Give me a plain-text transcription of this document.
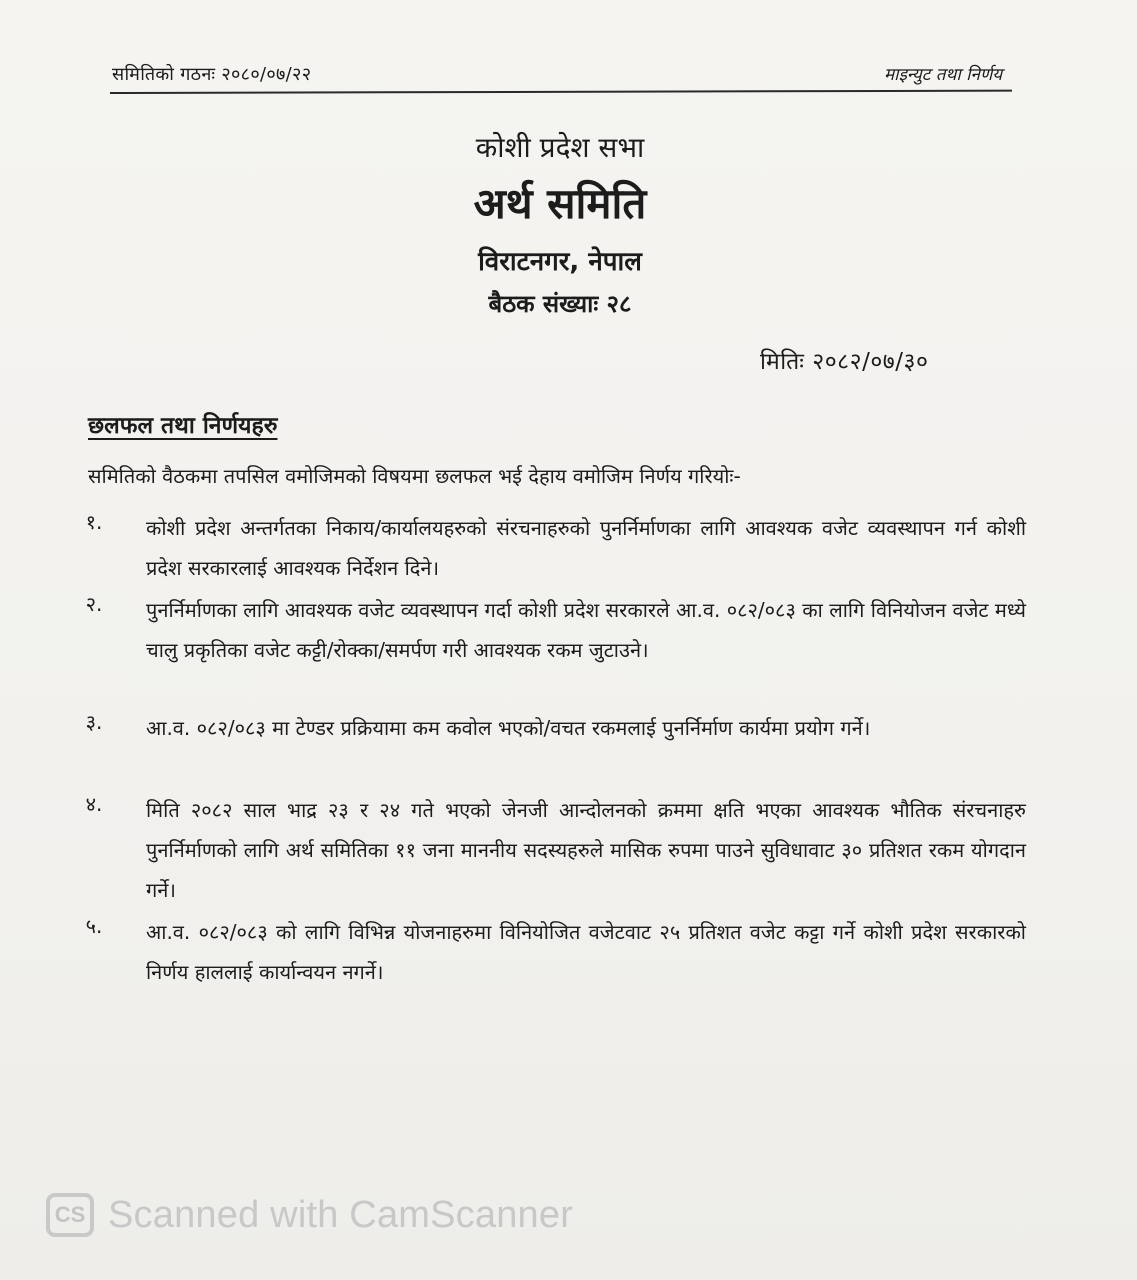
समितिको गठनः २०८०/०७/२२	माइन्युट तथा निर्णय
कोशी प्रदेश सभा
अर्थ समिति
विराटनगर, नेपाल
बैठक संख्याः २८
मितिः २०८२/०७/३०
छलफल तथा निर्णयहरु
समितिको वैठकमा तपसिल वमोजिमको विषयमा छलफल भई देहाय वमोजिम निर्णय गरियोः-
१.	कोशी प्रदेश अन्तर्गतका निकाय/कार्यालयहरुको संरचनाहरुको पुनर्निर्माणका लागि आवश्यक वजेट व्यवस्थापन गर्न कोशी प्रदेश सरकारलाई आवश्यक निर्देशन दिने।
२.	पुनर्निर्माणका लागि आवश्यक वजेट व्यवस्थापन गर्दा कोशी प्रदेश सरकारले आ.व. ०८२/०८३ का लागि विनियोजन वजेट मध्ये चालु प्रकृतिका वजेट कट्टी/रोक्का/समर्पण गरी आवश्यक रकम जुटाउने।
३.	आ.व. ०८२/०८३ मा टेण्डर प्रक्रियामा कम कवोल भएको/वचत रकमलाई पुनर्निर्माण कार्यमा प्रयोग गर्ने।
४.	मिति २०८२ साल भाद्र २३ र २४ गते भएको जेनजी आन्दोलनको क्रममा क्षति भएका आवश्यक भौतिक संरचनाहरु पुनर्निर्माणको लागि अर्थ समितिका ११ जना माननीय सदस्यहरुले मासिक रुपमा पाउने सुविधावाट ३० प्रतिशत रकम योगदान गर्ने।
५.	आ.व. ०८२/०८३ को लागि विभिन्न योजनाहरुमा विनियोजित वजेटवाट २५ प्रतिशत वजेट कट्टा गर्ने कोशी प्रदेश सरकारको निर्णय हाललाई कार्यान्वयन नगर्ने।
CS Scanned with CamScanner
